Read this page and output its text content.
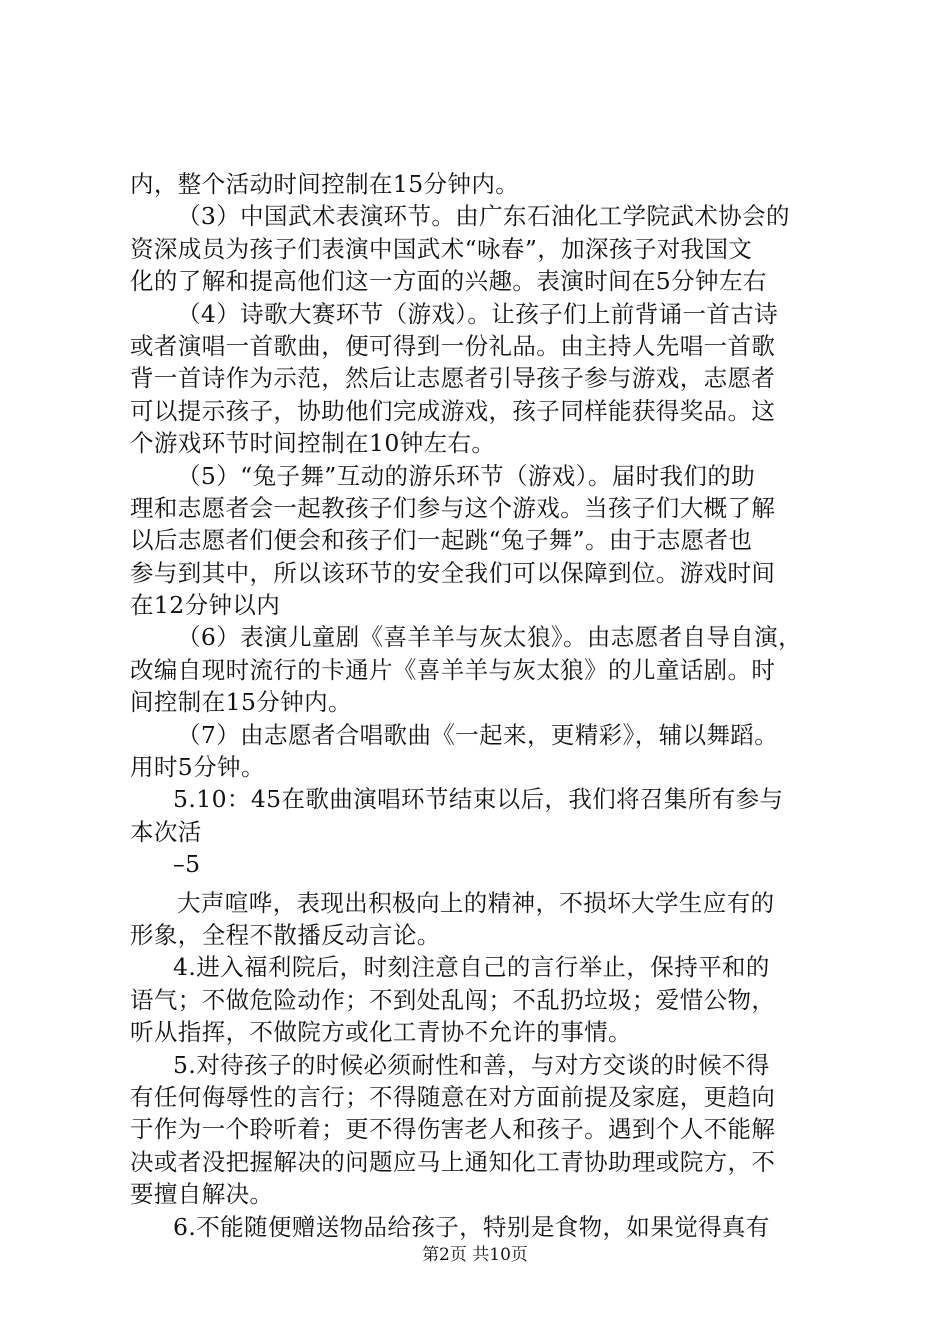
内，整个活动时间控制在15分钟内。
（3）中国武术表演环节。由广东石油化工学院武术协会的
资深成员为孩子们表演中国武术“咏春”，加深孩子对我国文
化的了解和提高他们这一方面的兴趣。表演时间在5分钟左右
（4）诗歌大赛环节（游戏）。让孩子们上前背诵一首古诗
或者演唱一首歌曲，便可得到一份礼品。由主持人先唱一首歌
背一首诗作为示范，然后让志愿者引导孩子参与游戏，志愿者
可以提示孩子，协助他们完成游戏，孩子同样能获得奖品。这
个游戏环节时间控制在10钟左右。
（5）“兔子舞”互动的游乐环节（游戏）。届时我们的助
理和志愿者会一起教孩子们参与这个游戏。当孩子们大概了解
以后志愿者们便会和孩子们一起跳“兔子舞”。由于志愿者也
参与到其中，所以该环节的安全我们可以保障到位。游戏时间
在12分钟以内
（6）表演儿童剧《喜羊羊与灰太狼》。由志愿者自导自演，
改编自现时流行的卡通片《喜羊羊与灰太狼》的儿童话剧。时
间控制在15分钟内。
（7）由志愿者合唱歌曲《一起来，更精彩》，辅以舞蹈。
用时5分钟。
5.10：45在歌曲演唱环节结束以后，我们将召集所有参与
本次活
–5
大声喧哗，表现出积极向上的精神，不损坏大学生应有的
形象，全程不散播反动言论。
4.进入福利院后，时刻注意自己的言行举止，保持平和的
语气；不做危险动作；不到处乱闯；不乱扔垃圾；爱惜公物，
听从指挥，不做院方或化工青协不允许的事情。
5.对待孩子的时候必须耐性和善，与对方交谈的时候不得
有任何侮辱性的言行；不得随意在对方面前提及家庭，更趋向
于作为一个聆听着；更不得伤害老人和孩子。遇到个人不能解
决或者没把握解决的问题应马上通知化工青协助理或院方，不
要擅自解决。
6.不能随便赠送物品给孩子，特别是食物，如果觉得真有
第2页 共10页
